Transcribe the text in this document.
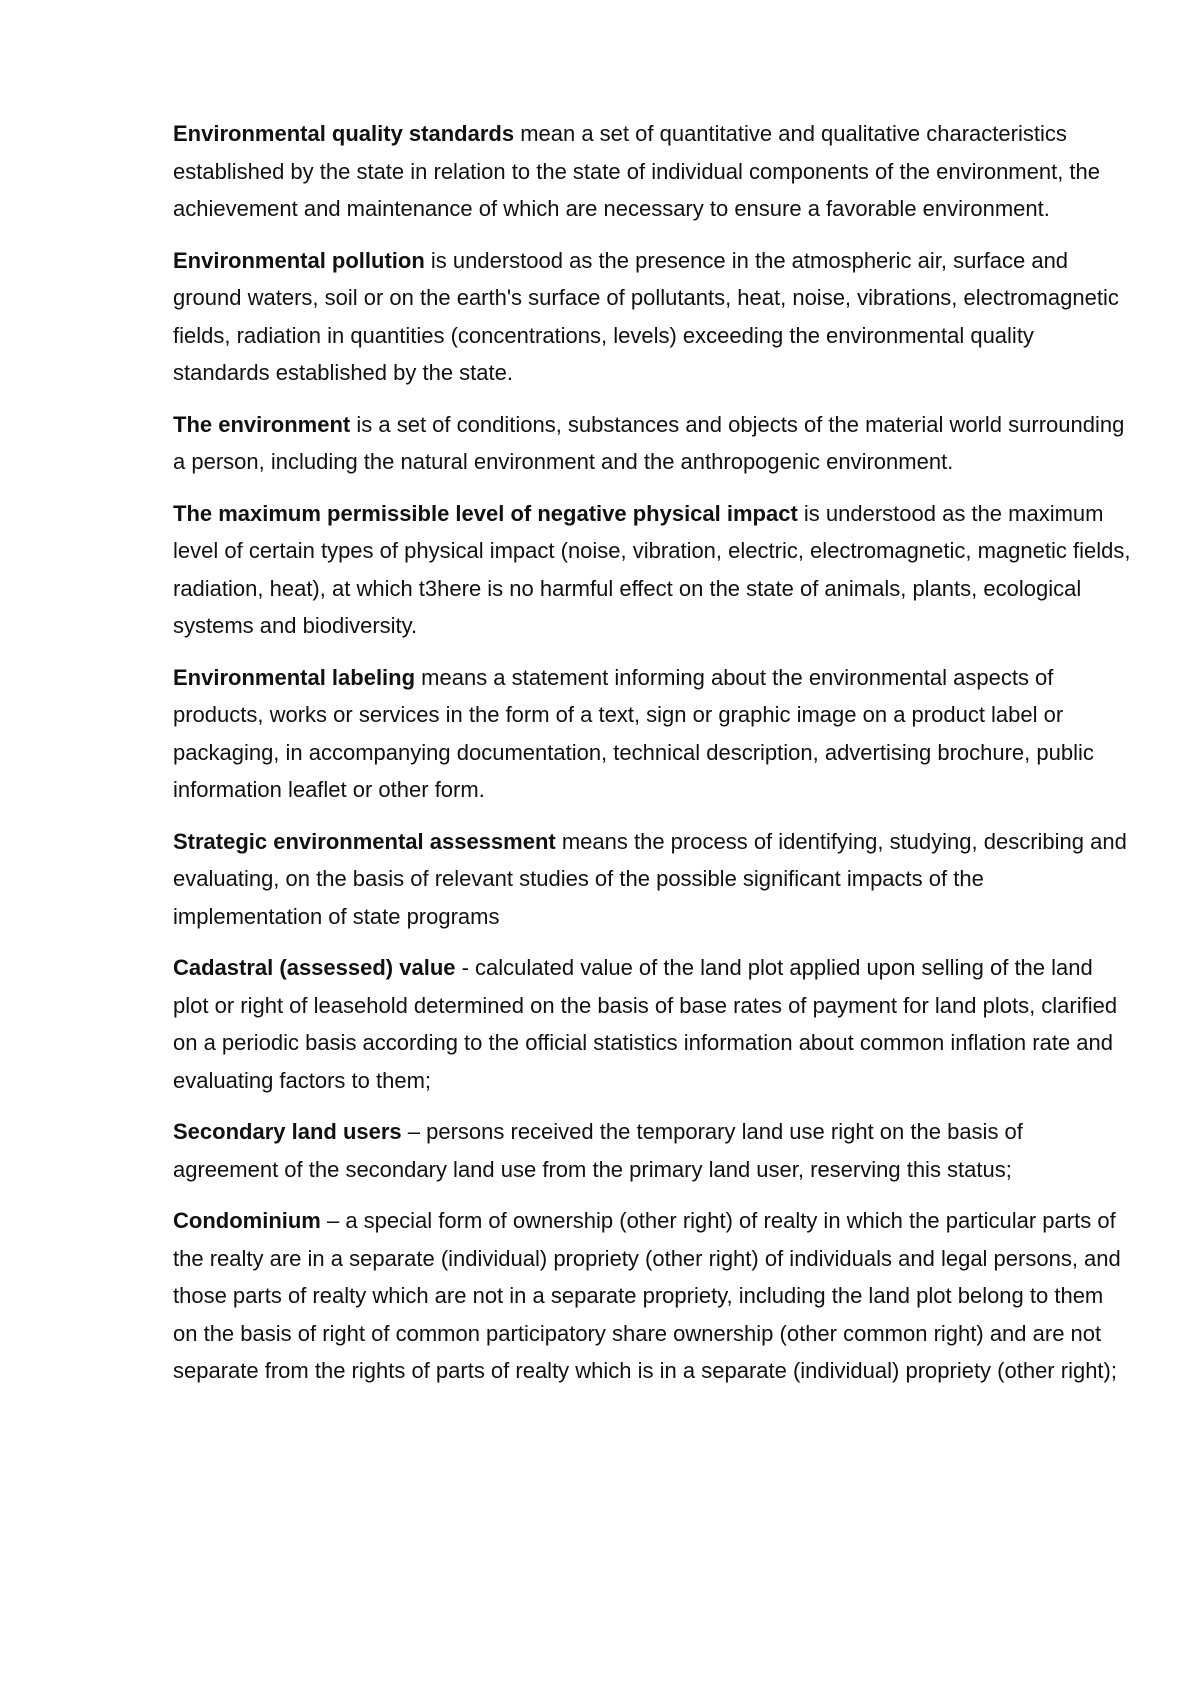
Environmental quality standards mean a set of quantitative and qualitative characteristics established by the state in relation to the state of individual components of the environment, the achievement and maintenance of which are necessary to ensure a favorable environment.

Environmental pollution is understood as the presence in the atmospheric air, surface and ground waters, soil or on the earth's surface of pollutants, heat, noise, vibrations, electromagnetic fields, radiation in quantities (concentrations, levels) exceeding the environmental quality standards established by the state.

The environment is a set of conditions, substances and objects of the material world surrounding a person, including the natural environment and the anthropogenic environment.

The maximum permissible level of negative physical impact is understood as the maximum level of certain types of physical impact (noise, vibration, electric, electromagnetic, magnetic fields, radiation, heat), at which t3here is no harmful effect on the state of animals, plants, ecological systems and biodiversity.

Environmental labeling means a statement informing about the environmental aspects of products, works or services in the form of a text, sign or graphic image on a product label or packaging, in accompanying documentation, technical description, advertising brochure, public information leaflet or other form.

Strategic environmental assessment means the process of identifying, studying, describing and evaluating, on the basis of relevant studies of the possible significant impacts of the implementation of state programs

Cadastral (assessed) value - calculated value of the land plot applied upon selling of the land plot or right of leasehold determined on the basis of base rates of payment for land plots, clarified on a periodic basis according to the official statistics information about common inflation rate and evaluating factors to them;

Secondary land users – persons received the temporary land use right on the basis of agreement of the secondary land use from the primary land user, reserving this status;

Condominium – a special form of ownership (other right) of realty in which the particular parts of the realty are in a separate (individual) propriety (other right) of individuals and legal persons, and those parts of realty which are not in a separate propriety, including the land plot belong to them on the basis of right of common participatory share ownership (other common right) and are not separate from the rights of parts of realty which is in a separate (individual) propriety (other right);
